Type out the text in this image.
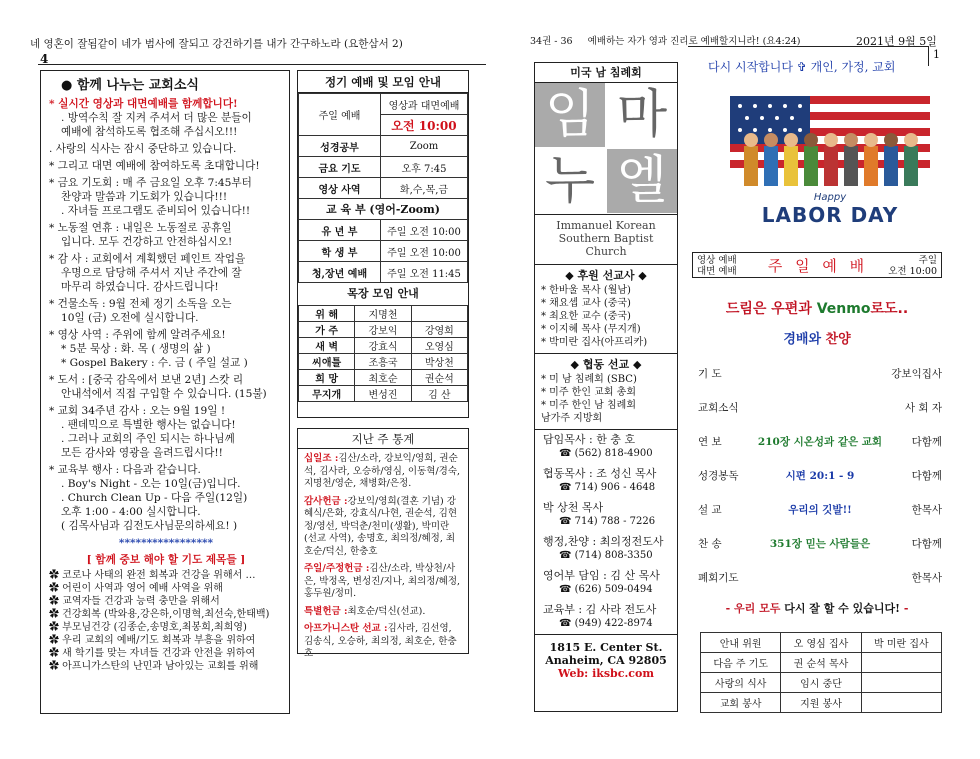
네 영혼이 잘됨같이 네가 범사에 잘되고 강건하기를 내가 간구하노라 (요한삼서 2)
4
● 함께 나누는 교회소식
* 실시간 영상과 대면예배를 함께합니다!
. 방역수칙 잘 지켜 주셔서 더 많은 분들이
예배에 참석하도록 협조해 주십시오!!!
. 사랑의 식사는 잠시 중단하고 있습니다.
* 그리고 대면 예배에 참여하도록 초대합니다!
* 금요 기도회 : 매 주 금요일 오후 7:45부터
찬양과 말씀과 기도회가 있습니다!!!
. 자녀들 프로그램도 준비되어 있습니다!!
* 노동절 연휴 : 내일은 노동절로 공휴일
입니다. 모두 건강하고 안전하십시오!
* 감 사 : 교회에서 계획했던 페인트 작업을
우명으로 담당해 주셔서 지난 주간에 잘
마무리 하였습니다. 감사드립니다!
* 건물소독 : 9월 전체 정기 소독을 오는
10일 (금) 오전에 실시합니다.
* 영상 사역 : 주위에 함께 알려주세요!
* 5분 묵상 : 화. 목 ( 생명의 삶 )
* Gospel Bakery : 수. 금 ( 주일 설교 )
* 도서 : [중국 감옥에서 보낸 2년] 스캇 리
안내석에서 직접 구입할 수 있습니다. (15불)
* 교회 34주년 감사 : 오는 9월 19일 !
. 팬데믹으로 특별한 행사는 없습니다!
. 그러나 교회의 주인 되시는 하나님께
모든 감사와 영광을 올려드립시다!!
* 교육부 행사 : 다음과 같습니다.
. Boy's Night - 오는 10일(금)입니다.
. Church Clean Up - 다음 주일(12일)
오후 1:00 - 4:00 실시합니다.
( 김목사님과 김전도사님문의하세요! )
*****************
[ 함께 중보 해야 할 기도 제목들 ]
✿ 코로나 사태의 완전 회복과 건강을 위해서 …
✿ 어린이 사역과 영어 예배 사역을 위해
✿ 교역자들 건강과 능력 충만을 위해서
✿ 건강회복 (박와용,강은하,이명혁,최선숙,한태백)
✿ 부모님건강 (김종순,송명호,최봉희,최희영)
✿ 우리 교회의 예배/기도 회복과 부흥을 위하여
✿ 새 학기를 맞는 자녀들 건강과 안전을 위하여
✿ 아프니가스탄의 난민과 남아있는 교회를 위해
정기 예배 및 모임 안내
주일 예배	영상과 대면예배
	오전 10:00
성경공부	Zoom
금요 기도	오후 7:45
영상 사역	화,수,목,금
교 육 부 (영어-Zoom)	
유 년 부	주일 오전 10:00
학 생 부	주일 오전 10:00
청,장년 예배	주일 오전 11:45
목장 모임 안내
위 해	지명천	
가 주	강보익	강영희
새 벽	강효식	오영심
씨애틀	조흥국	박상천
희 망	최호순	권순석
무지개	변성진	김 산
지난 주 통계
십일조 :김산/소라, 강보익/영희, 권순석, 김사라, 오승하/영심, 이동혁/경숙, 지명천/영순, 채병화/은정.
감사헌금 :강보익/영희(결혼 기념) 강혜식/은화, 강효식/나현, 권순석, 김현정/영선, 박덕춘/천미(생활), 박미란(선교 사역), 송명호, 최의정/혜정, 최호순/덕신, 한충호
주일/주정헌금 :김산/소라, 박상천/사은, 박정옥, 변성진/지나, 최의정/혜정, 홍두원/정미.
특별헌금 :최호순/덕신(선교).
아프가니스탄 선교 :김사라, 김선영, 김송식, 오승하, 최의정, 최호순, 한충호
34권 - 36 예배하는 자가 영과 진리로 예배할지니라! (요4:24)
미국 남 침례회
임 마
누 엘
Immanuel Korean
Southern Baptist
Church
◆ 후원 선교사 ◆
* 한바울 목사 (월남)
* 채요셉 교사 (중국)
* 최요한 교수 (중국)
* 이지혜 목사 (무지개)
* 박미란 집사(아프리카)
◆ 협동 선교 ◆
* 미 남 침례회 (SBC)
* 미주 한인 교회 총회
* 미주 한인 남 침례회
남가주 지방회
담임목사 : 한 충 호
☎ (562) 818-4900
협동목사 : 조 성신 목사
☎ 714) 906 - 4648
박 상천 목사
☎ 714) 788 - 7226
행정,찬양 : 최의정전도사
☎ (714) 808-3350
영어부 담임 : 김 산 목사
☎ (626) 509-0494
교육부 : 김 사라 전도사
☎ (949) 422-8974
1815 E. Center St.
Anaheim, CA 92805
Web: iksbc.com
2021년 9월 5일
1
다시 시작합니다 ✞ 개인, 가정, 교회
Happy
LABOR DAY
영상 예배
대면 예배 주 일 예 배	주일
오전 10:00
드림은 우편과 Venmo로도..
경배와 찬양
기 도	강보익집사
교회소식	사 회 자
연 보	210장 시온성과 같은 교회	다함께
성경봉독	시편 20:1 - 9	다함께
설 교	우리의 깃발!!	한목사
찬 송	351장 믿는 사람들은	다함께
폐회기도	한목사
- 우리 모두 다시 잘 할 수 있습니다! -
안내 위원	오 영심 집사	박 미란 집사
다음 주 기도	권 순석 목사	
사랑의 식사	임시 중단	
교회 봉사	지원 봉사	
